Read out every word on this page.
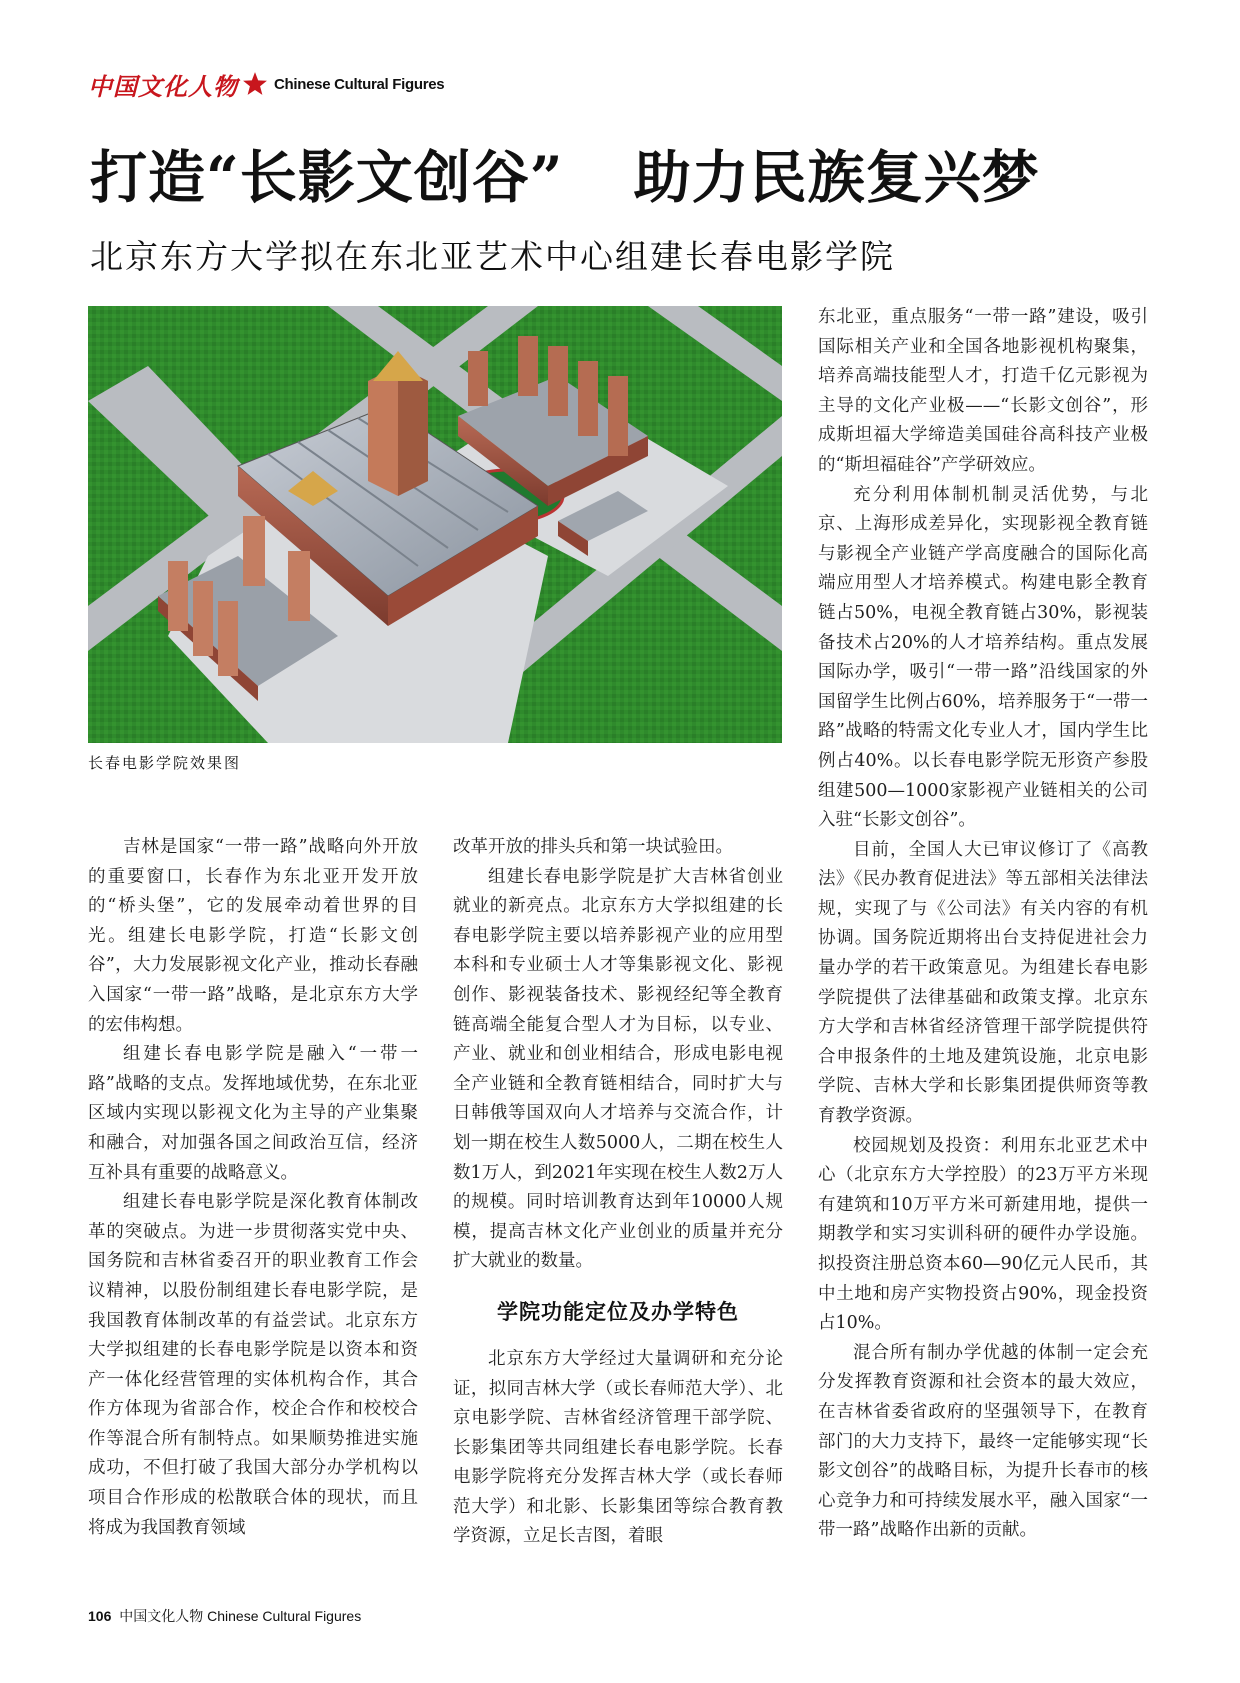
中国文化人物 Chinese Cultural Figures
打造“长影文创谷” 助力民族复兴梦
北京东方大学拟在东北亚艺术中心组建长春电影学院
长春电影学院效果图

吉林是国家“一带一路”战略向外开放的重要窗口，长春作为东北亚开发开放的“桥头堡”，它的发展牵动着世界的目光。组建长电影学院，打造“长影文创谷”，大力发展影视文化产业，推动长春融入国家“一带一路”战略，是北京东方大学的宏伟构想。

组建长春电影学院是融入“一带一路”战略的支点。发挥地域优势，在东北亚区域内实现以影视文化为主导的产业集聚和融合，对加强各国之间政治互信，经济互补具有重要的战略意义。

组建长春电影学院是深化教育体制改革的突破点。为进一步贯彻落实党中央、国务院和吉林省委召开的职业教育工作会议精神，以股份制组建长春电影学院，是我国教育体制改革的有益尝试。北京东方大学拟组建的长春电影学院是以资本和资产一体化经营管理的实体机构合作，其合作方体现为省部合作，校企合作和校校合作等混合所有制特点。如果顺势推进实施成功，不但打破了我国大部分办学机构以项目合作形成的松散联合体的现状，而且将成为我国教育领域

改革开放的排头兵和第一块试验田。

组建长春电影学院是扩大吉林省创业就业的新亮点。北京东方大学拟组建的长春电影学院主要以培养影视产业的应用型本科和专业硕士人才等集影视文化、影视创作、影视装备技术、影视经纪等全教育链高端全能复合型人才为目标，以专业、产业、就业和创业相结合，形成电影电视全产业链和全教育链相结合，同时扩大与日韩俄等国双向人才培养与交流合作，计划一期在校生人数5000人，二期在校生人数1万人，到2021年实现在校生人数2万人的规模。同时培训教育达到年10000人规模，提高吉林文化产业创业的质量并充分扩大就业的数量。

学院功能定位及办学特色

北京东方大学经过大量调研和充分论证，拟同吉林大学（或长春师范大学）、北京电影学院、吉林省经济管理干部学院、长影集团等共同组建长春电影学院。长春电影学院将充分发挥吉林大学（或长春师范大学）和北影、长影集团等综合教育教学资源，立足长吉图，着眼

东北亚，重点服务“一带一路”建设，吸引国际相关产业和全国各地影视机构聚集，培养高端技能型人才，打造千亿元影视为主导的文化产业极——“长影文创谷”，形成斯坦福大学缔造美国硅谷高科技产业极的“斯坦福硅谷”产学研效应。

充分利用体制机制灵活优势，与北京、上海形成差异化，实现影视全教育链与影视全产业链产学高度融合的国际化高端应用型人才培养模式。构建电影全教育链占50%，电视全教育链占30%，影视装备技术占20%的人才培养结构。重点发展国际办学，吸引“一带一路”沿线国家的外国留学生比例占60%，培养服务于“一带一路”战略的特需文化专业人才，国内学生比例占40%。以长春电影学院无形资产参股组建500—1000家影视产业链相关的公司入驻“长影文创谷”。

目前，全国人大已审议修订了《高教法》《民办教育促进法》等五部相关法律法规，实现了与《公司法》有关内容的有机协调。国务院近期将出台支持促进社会力量办学的若干政策意见。为组建长春电影学院提供了法律基础和政策支撑。北京东方大学和吉林省经济管理干部学院提供符合申报条件的土地及建筑设施，北京电影学院、吉林大学和长影集团提供师资等教育教学资源。

校园规划及投资：利用东北亚艺术中心（北京东方大学控股）的23万平方米现有建筑和10万平方米可新建用地，提供一期教学和实习实训科研的硬件办学设施。拟投资注册总资本60—90亿元人民币，其中土地和房产实物投资占90%，现金投资占10%。

混合所有制办学优越的体制一定会充分发挥教育资源和社会资本的最大效应，在吉林省委省政府的坚强领导下，在教育部门的大力支持下，最终一定能够实现“长影文创谷”的战略目标，为提升长春市的核心竞争力和可持续发展水平，融入国家“一带一路”战略作出新的贡献。

106 中国文化人物 Chinese Cultural Figures
